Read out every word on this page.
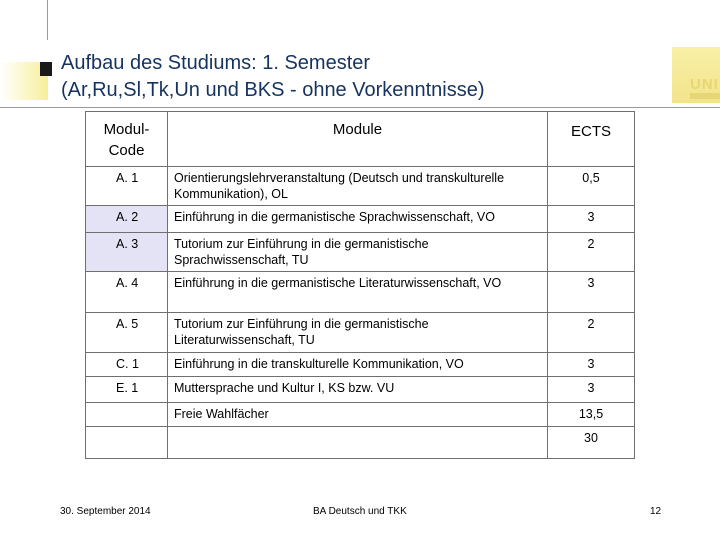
UNI
Aufbau des Studiums: 1. Semester
(Ar,Ru,Sl,Tk,Un und BKS - ohne Vorkenntnisse)
Modul-
Code	Module	ECTS
A. 1	Orientierungslehrveranstaltung (Deutsch und transkulturelle Kommunikation), OL	0,5
A. 2	Einführung in die germanistische Sprachwissenschaft, VO	3
A. 3	Tutorium zur Einführung in die germanistische Sprachwissenschaft, TU	2
A. 4	Einführung in die germanistische Literaturwissenschaft, VO	3
A. 5	Tutorium zur Einführung in die germanistische Literaturwissenschaft, TU	2
C. 1	Einführung in die transkulturelle Kommunikation, VO	3
E. 1	Muttersprache und Kultur I, KS bzw. VU	3
	Freie Wahlfächer	13,5
		30
30. September 2014	BA Deutsch und TKK	12
